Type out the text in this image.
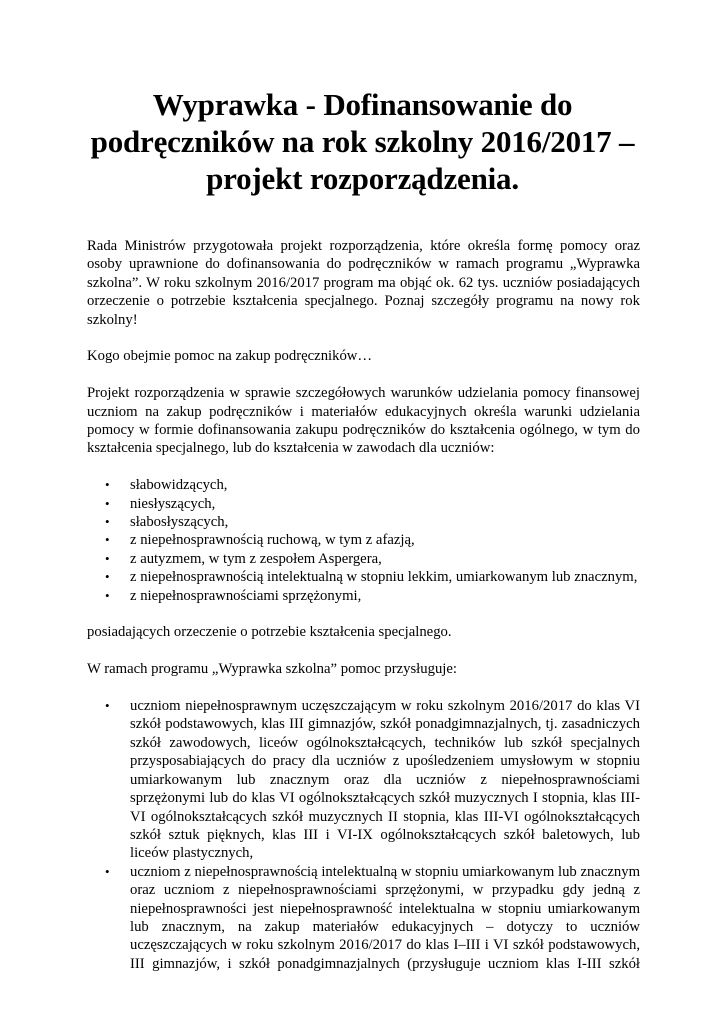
Wyprawka - Dofinansowanie do
podręczników na rok szkolny 2016/2017 –
projekt rozporządzenia.

Rada Ministrów przygotowała projekt rozporządzenia, które określa formę pomocy oraz
osoby uprawnione do dofinansowania do podręczników w ramach programu „Wyprawka
szkolna”. W roku szkolnym 2016/2017 program ma objąć ok. 62 tys. uczniów posiadających
orzeczenie o potrzebie kształcenia specjalnego. Poznaj szczegóły programu na nowy rok
szkolny!

Kogo obejmie pomoc na zakup podręczników…

Projekt rozporządzenia w sprawie szczegółowych warunków udzielania pomocy finansowej
uczniom na zakup podręczników i materiałów edukacyjnych określa warunki udzielania
pomocy w formie dofinansowania zakupu podręczników do kształcenia ogólnego, w tym do
kształcenia specjalnego, lub do kształcenia w zawodach dla uczniów:

• słabowidzących,
• niesłyszących,
• słabosłyszących,
• z niepełnosprawnością ruchową, w tym z afazją,
• z autyzmem, w tym z zespołem Aspergera,
• z niepełnosprawnością intelektualną w stopniu lekkim, umiarkowanym lub znacznym,
• z niepełnosprawnościami sprzężonymi,

posiadających orzeczenie o potrzebie kształcenia specjalnego.

W ramach programu „Wyprawka szkolna” pomoc przysługuje:

• uczniom niepełnosprawnym uczęszczającym w roku szkolnym 2016/2017 do klas VI
szkół podstawowych, klas III gimnazjów, szkół ponadgimnazjalnych, tj. zasadniczych
szkół zawodowych, liceów ogólnokształcących, techników lub szkół specjalnych
przysposabiających do pracy dla uczniów z upośledzeniem umysłowym w stopniu
umiarkowanym lub znacznym oraz dla uczniów z niepełnosprawnościami
sprzężonymi lub do klas VI ogólnokształcących szkół muzycznych I stopnia, klas III-
VI ogólnokształcących szkół muzycznych II stopnia, klas III-VI ogólnokształcących
szkół sztuk pięknych, klas III i VI-IX ogólnokształcących szkół baletowych, lub
liceów plastycznych,
• uczniom z niepełnosprawnością intelektualną w stopniu umiarkowanym lub znacznym
oraz uczniom z niepełnosprawnościami sprzężonymi, w przypadku gdy jedną z
niepełnosprawności jest niepełnosprawność intelektualna w stopniu umiarkowanym
lub znacznym, na zakup materiałów edukacyjnych – dotyczy to uczniów
uczęszczających w roku szkolnym 2016/2017 do klas I–III i VI szkół podstawowych,
III gimnazjów, i szkół ponadgimnazjalnych (przysługuje uczniom klas I-III szkół
